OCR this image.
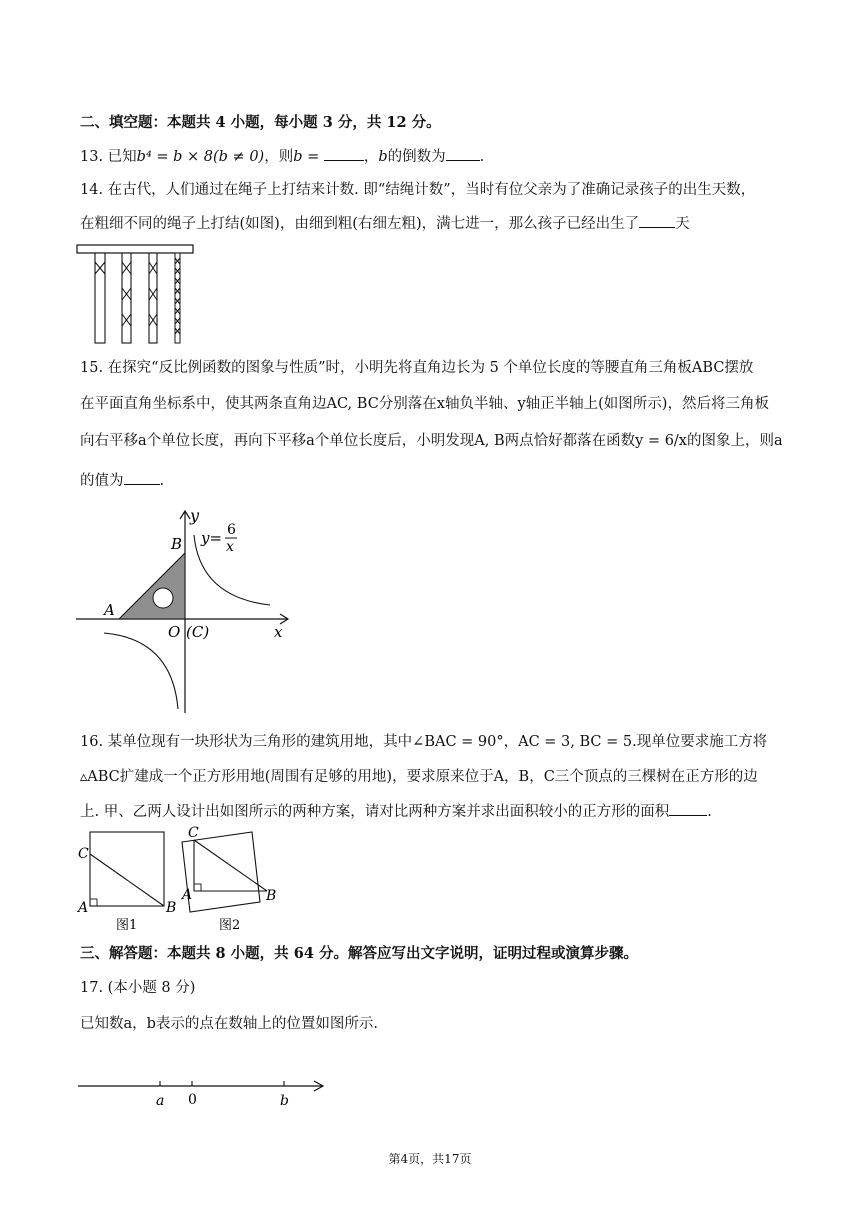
二、填空题：本题共 4 小题，每小题 3 分，共 12 分。
13. 已知b⁴ = b × 8(b ≠ 0)，则b =	，b的倒数为 .
14. 在古代，人们通过在绳子上打结来计数. 即“结绳计数”，当时有位父亲为了准确记录孩子的出生天数，
在粗细不同的绳子上打结(如图)，由细到粗(右细左粗)，满七进一，那么孩子已经出生了 天
15. 在探究“反比例函数的图象与性质”时，小明先将直角边长为 5 个单位长度的等腰直角三角板ABC摆放
在平面直角坐标系中，使其两条直角边AC, BC分别落在x轴负半轴、y轴正半轴上(如图所示)，然后将三角板
向右平移a个单位长度，再向下平移a个单位长度后，小明发现A, B两点恰好都落在函数y = 6/x的图象上，则a
的值为 .
y
y= 6
x
B
A
O (C)	x
16. 某单位现有一块形状为三角形的建筑用地，其中∠BAC = 90°，AC = 3, BC = 5.现单位要求施工方将
▵ABC扩建成一个正方形用地(周围有足够的用地)，要求原来位于A，B，C三个顶点的三棵树在正方形的边
上. 甲、乙两人设计出如图所示的两种方案，请对比两种方案并求出面积较小的正方形的面积	.
C
A	B
图1
C
A	B
图2
三、解答题：本题共 8 小题，共 64 分。解答应写出文字说明，证明过程或演算步骤。
17. (本小题 8 分)
已知数a，b表示的点在数轴上的位置如图所示.
a 0	b
第4页，共17页
